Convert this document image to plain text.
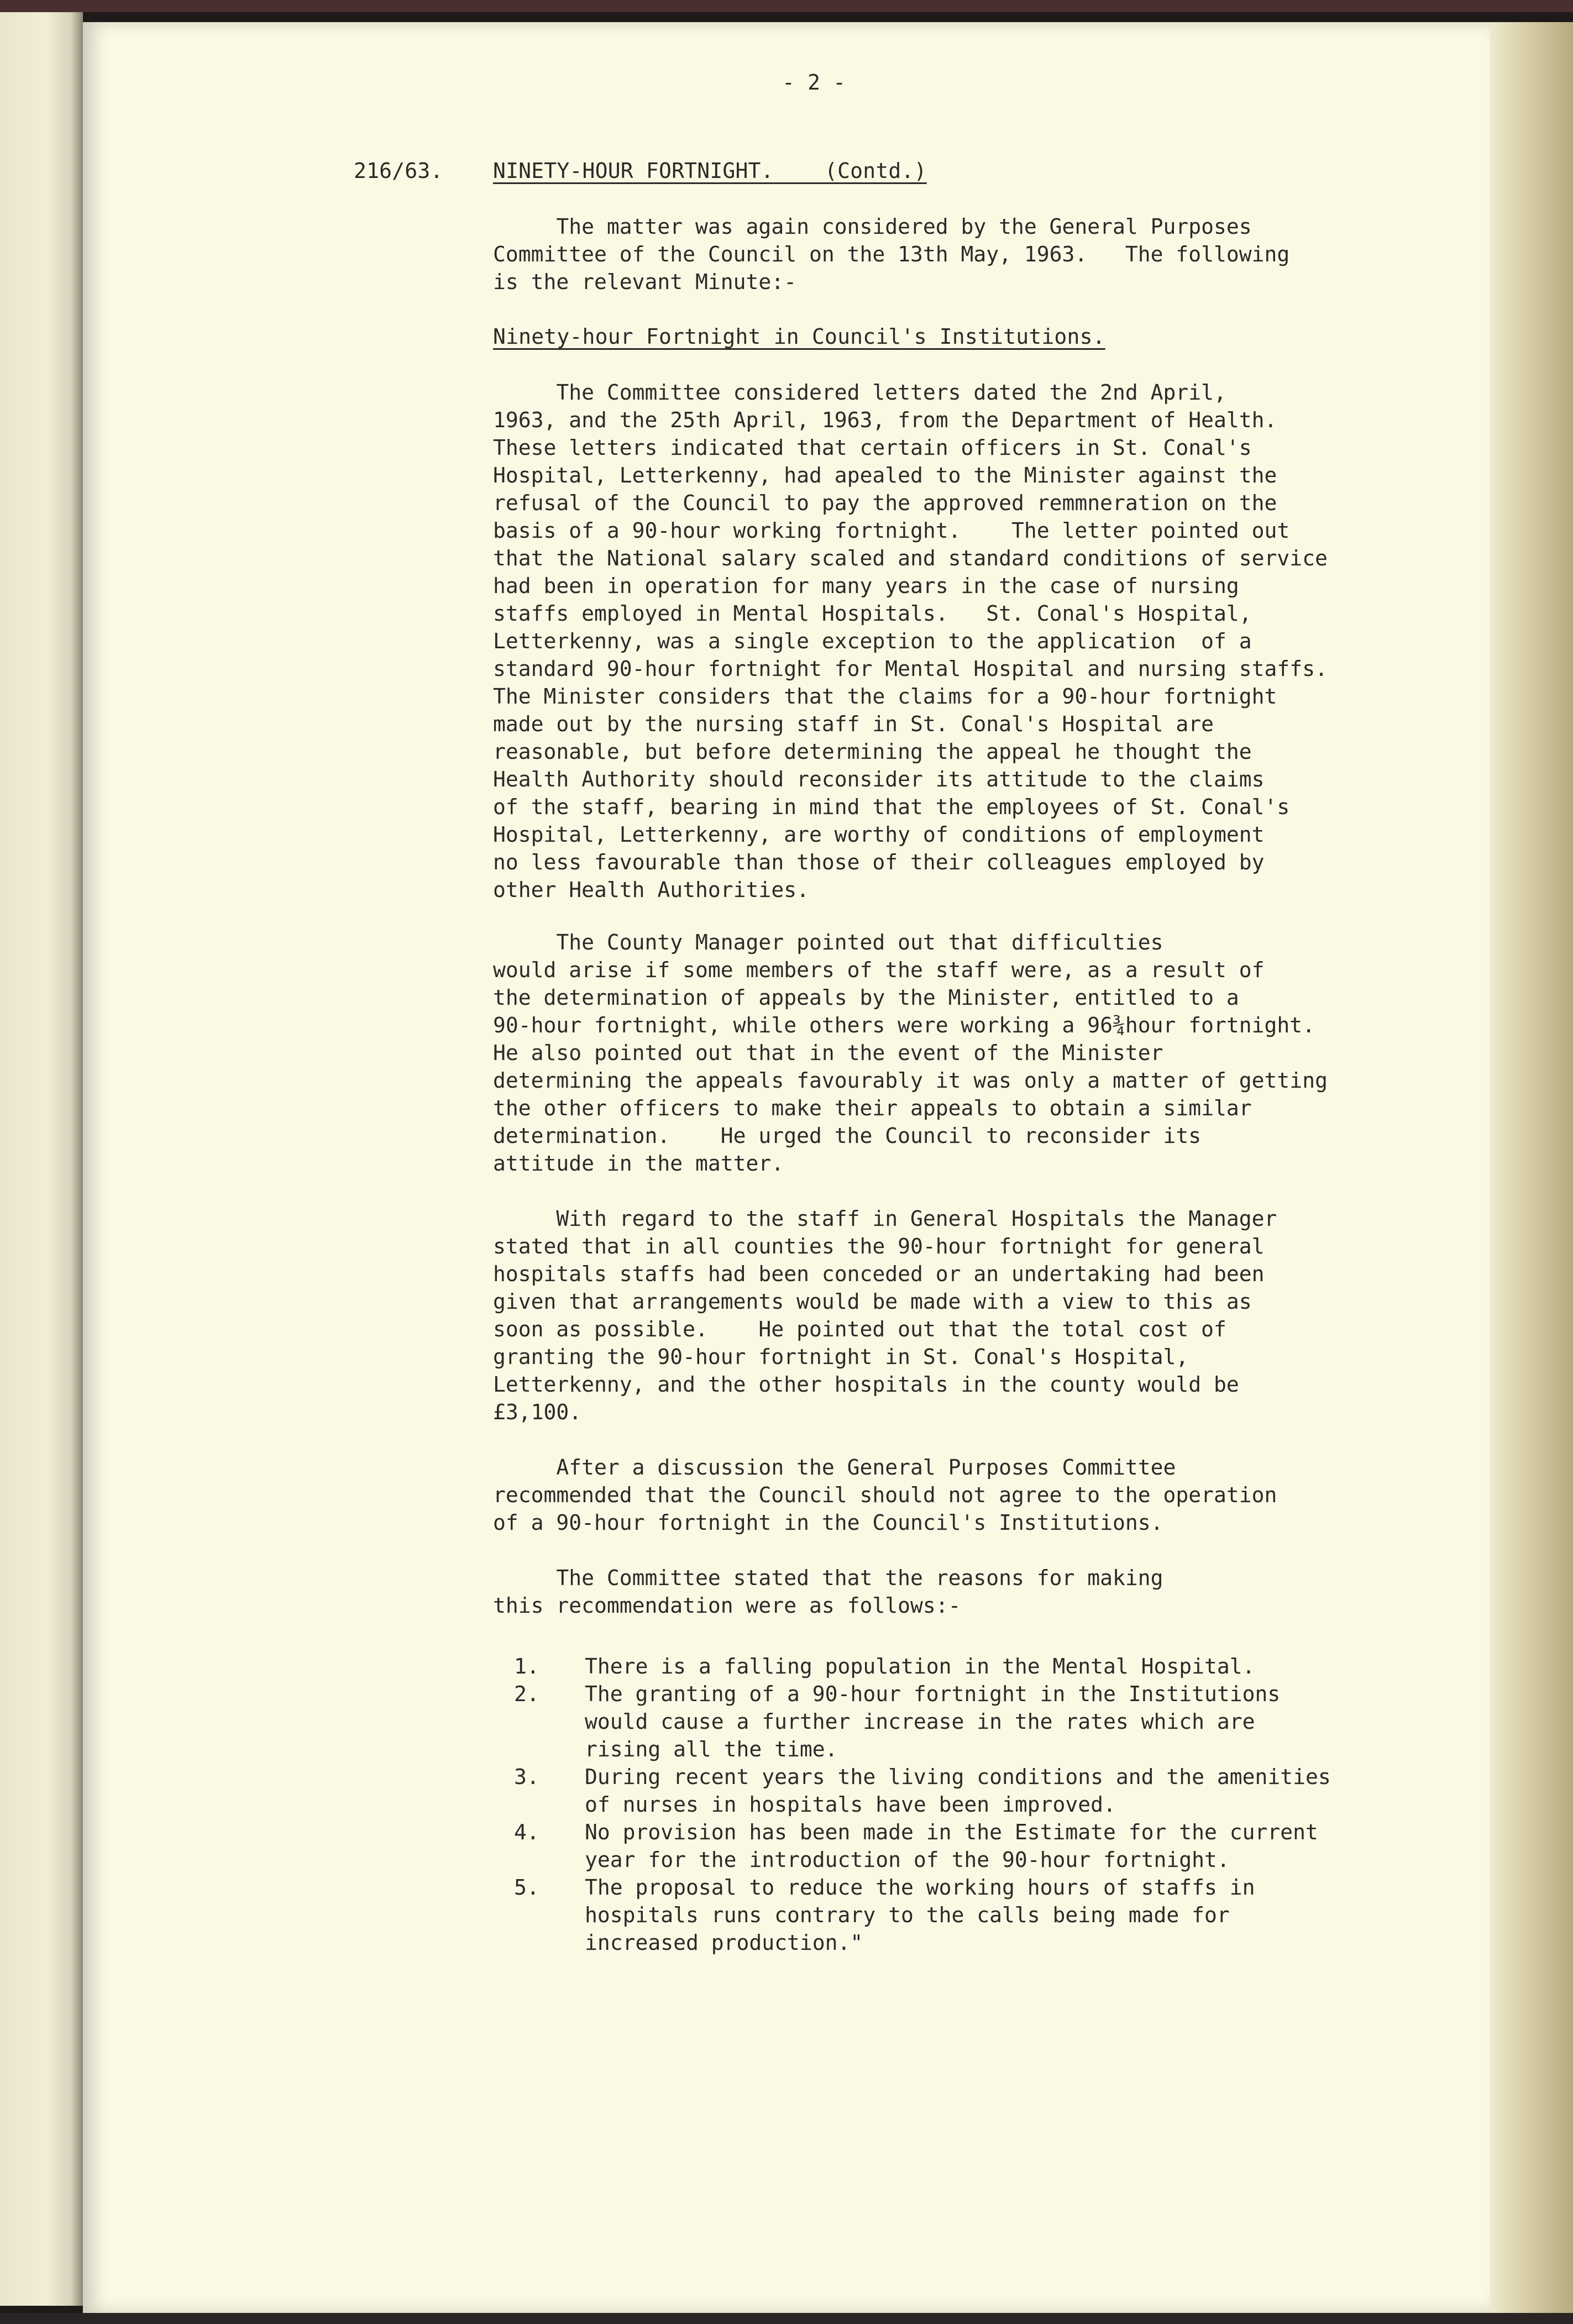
- 2 -
216/63. NINETY-HOUR FORTNIGHT. (Contd.)
The matter was again considered by the General Purposes
Committee of the Council on the 13th May, 1963.   The following
is the relevant Minute:-
Ninety-hour Fortnight in Council's Institutions.
The Committee considered letters dated the 2nd April,
1963, and the 25th April, 1963, from the Department of Health.
These letters indicated that certain officers in St. Conal's
Hospital, Letterkenny, had apealed to the Minister against the
refusal of the Council to pay the approved remmneration on the
basis of a 90-hour working fortnight.    The letter pointed out
that the National salary scaled and standard conditions of service
had been in operation for many years in the case of nursing
staffs employed in Mental Hospitals.   St. Conal's Hospital,
Letterkenny, was a single exception to the application  of a
standard 90-hour fortnight for Mental Hospital and nursing staffs.
The Minister considers that the claims for a 90-hour fortnight
made out by the nursing staff in St. Conal's Hospital are
reasonable, but before determining the appeal he thought the
Health Authority should reconsider its attitude to the claims
of the staff, bearing in mind that the employees of St. Conal's
Hospital, Letterkenny, are worthy of conditions of employment
no less favourable than those of their colleagues employed by
other Health Authorities.
The County Manager pointed out that difficulties
would arise if some members of the staff were, as a result of
the determination of appeals by the Minister, entitled to a
90-hour fortnight, while others were working a 96¾hour fortnight.
He also pointed out that in the event of the Minister
determining the appeals favourably it was only a matter of getting
the other officers to make their appeals to obtain a similar
determination.    He urged the Council to reconsider its
attitude in the matter.
With regard to the staff in General Hospitals the Manager
stated that in all counties the 90-hour fortnight for general
hospitals staffs had been conceded or an undertaking had been
given that arrangements would be made with a view to this as
soon as possible.    He pointed out that the total cost of
granting the 90-hour fortnight in St. Conal's Hospital,
Letterkenny, and the other hospitals in the county would be
£3,100.
After a discussion the General Purposes Committee
recommended that the Council should not agree to the operation
of a 90-hour fortnight in the Council's Institutions.
The Committee stated that the reasons for making
this recommendation were as follows:-
1. There is a falling population in the Mental Hospital.
2. The granting of a 90-hour fortnight in the Institutions
would cause a further increase in the rates which are
rising all the time.
3. During recent years the living conditions and the amenities
of nurses in hospitals have been improved.
4. No provision has been made in the Estimate for the current
year for the introduction of the 90-hour fortnight.
5. The proposal to reduce the working hours of staffs in
hospitals runs contrary to the calls being made for
increased production."
